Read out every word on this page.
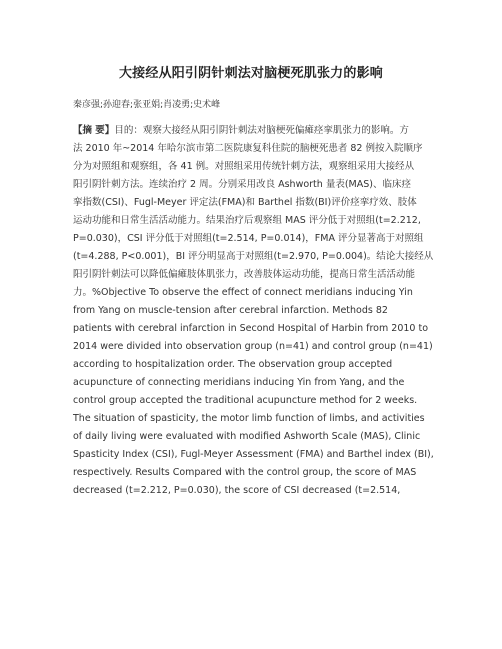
大接经从阳引阴针刺法对脑梗死肌张力的影响
秦彦强;孙迎春;张亚娟;肖凌勇;史术峰
【摘 要】目的：观察大接经从阳引阴针刺法对脑梗死偏瘫痉挛肌张力的影响。方
法 2010 年~2014 年哈尔滨市第二医院康复科住院的脑梗死患者 82 例按入院顺序
分为对照组和观察组，各 41 例。对照组采用传统针刺方法，观察组采用大接经从
阳引阴针刺方法。连续治疗 2 周。分别采用改良 Ashworth 量表(MAS)、临床痉
挛指数(CSI)、Fugl-Meyer 评定法(FMA)和 Barthel 指数(BI)评价痉挛疗效、肢体
运动功能和日常生活活动能力。结果治疗后观察组 MAS 评分低于对照组(t=2.212,
P=0.030)，CSI 评分低于对照组(t=2.514, P=0.014)，FMA 评分显著高于对照组
(t=4.288, P<0.001)，BI 评分明显高于对照组(t=2.970, P=0.004)。结论大接经从
阳引阴针刺法可以降低偏瘫肢体肌张力，改善肢体运动功能，提高日常生活活动能
力。%Objective To observe the effect of connect meridians inducing Yin
from Yang on muscle-tension after cerebral infarction. Methods 82
patients with cerebral infarction in Second Hospital of Harbin from 2010 to
2014 were divided into observation group (n=41) and control group (n=41)
according to hospitalization order. The observation group accepted
acupuncture of connecting meridians inducing Yin from Yang, and the
control group accepted the traditional acupuncture method for 2 weeks.
The situation of spasticity, the motor limb function of limbs, and activities
of daily living were evaluated with modified Ashworth Scale (MAS), Clinic
Spasticity Index (CSI), Fugl-Meyer Assessment (FMA) and Barthel index (BI),
respectively. Results Compared with the control group, the score of MAS
decreased (t=2.212, P=0.030), the score of CSI decreased (t=2.514,
